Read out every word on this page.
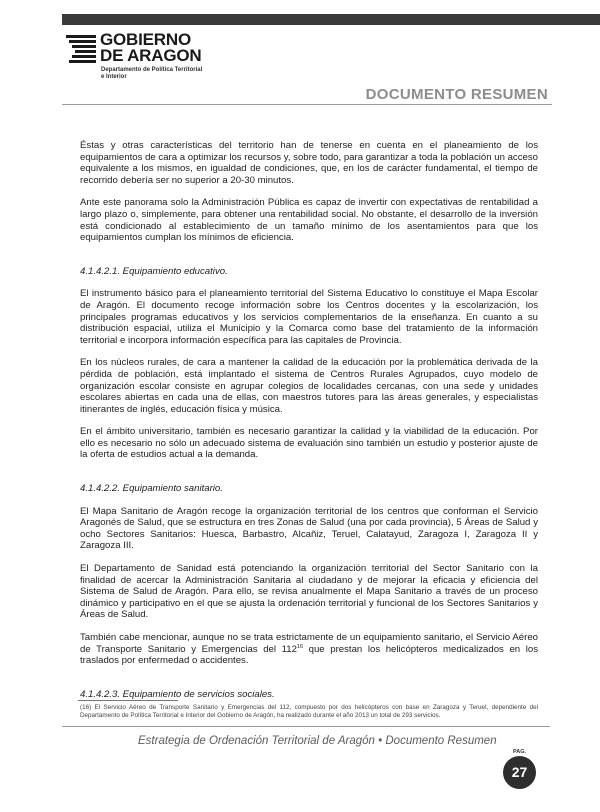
GOBIERNO
DE ARAGON
Departamento de Política Territorial
e Interior
DOCUMENTO RESUMEN

Éstas y otras características del territorio han de tenerse en cuenta en el planeamiento de los equipamientos de cara a optimizar los recursos y, sobre todo, para garantizar a toda la población un acceso equivalente a los mismos, en igualdad de condiciones, que, en los de carácter fundamental, el tiempo de recorrido debería ser no superior a 20-30 minutos.

Ante este panorama solo la Administración Pública es capaz de invertir con expectativas de rentabilidad a largo plazo o, simplemente, para obtener una rentabilidad social. No obstante, el desarrollo de la inversión está condicionado al establecimiento de un tamaño mínimo de los asentamientos para que los equipamientos cumplan los mínimos de eficiencia.

4.1.4.2.1. Equipamiento educativo.

El instrumento básico para el planeamiento territorial del Sistema Educativo lo constituye el Mapa Escolar de Aragón. El documento recoge información sobre los Centros docentes y la escolarización, los principales programas educativos y los servicios complementarios de la enseñanza. En cuanto a su distribución espacial, utiliza el Municipio y la Comarca como base del tratamiento de la información territorial e incorpora información específica para las capitales de Provincia.

En los núcleos rurales, de cara a mantener la calidad de la educación por la problemática derivada de la pérdida de población, está implantado el sistema de Centros Rurales Agrupados, cuyo modelo de organización escolar consiste en agrupar colegios de localidades cercanas, con una sede y unidades escolares abiertas en cada una de ellas, con maestros tutores para las áreas generales, y especialistas itinerantes de inglés, educación física y música.

En el ámbito universitario, también es necesario garantizar la calidad y la viabilidad de la educación. Por ello es necesario no sólo un adecuado sistema de evaluación sino también un estudio y posterior ajuste de la oferta de estudios actual a la demanda.

4.1.4.2.2. Equipamiento sanitario.

El Mapa Sanitario de Aragón recoge la organización territorial de los centros que conforman el Servicio Aragonés de Salud, que se estructura en tres Zonas de Salud (una por cada provincia), 5 Áreas de Salud y ocho Sectores Sanitarios: Huesca, Barbastro, Alcañiz, Teruel, Calatayud, Zaragoza I, Zaragoza II y Zaragoza III.

El Departamento de Sanidad está potenciando la organización territorial del Sector Sanitario con la finalidad de acercar la Administración Sanitaria al ciudadano y de mejorar la eficacia y eficiencia del Sistema de Salud de Aragón. Para ello, se revisa anualmente el Mapa Sanitario a través de un proceso dinámico y participativo en el que se ajusta la ordenación territorial y funcional de los Sectores Sanitarios y Áreas de Salud.

También cabe mencionar, aunque no se trata estrictamente de un equipamiento sanitario, el Servicio Aéreo de Transporte Sanitario y Emergencias del $112^{16}$ que prestan los helicópteros medicalizados en los traslados por enfermedad o accidentes.

4.1.4.2.3. Equipamiento de servicios sociales.

(16) El Servicio Aéreo de Transporte Sanitario y Emergencias del 112, compuesto por dos helicópteros con base en Zaragoza y Teruel, dependiente del Departamento de Política Territorial e Interior del Gobierno de Aragón, ha realizado durante el año 2013 un total de 293 servicios.
Estrategia de Ordenación Territorial de Aragón • Documento Resumen
PAG.
27
